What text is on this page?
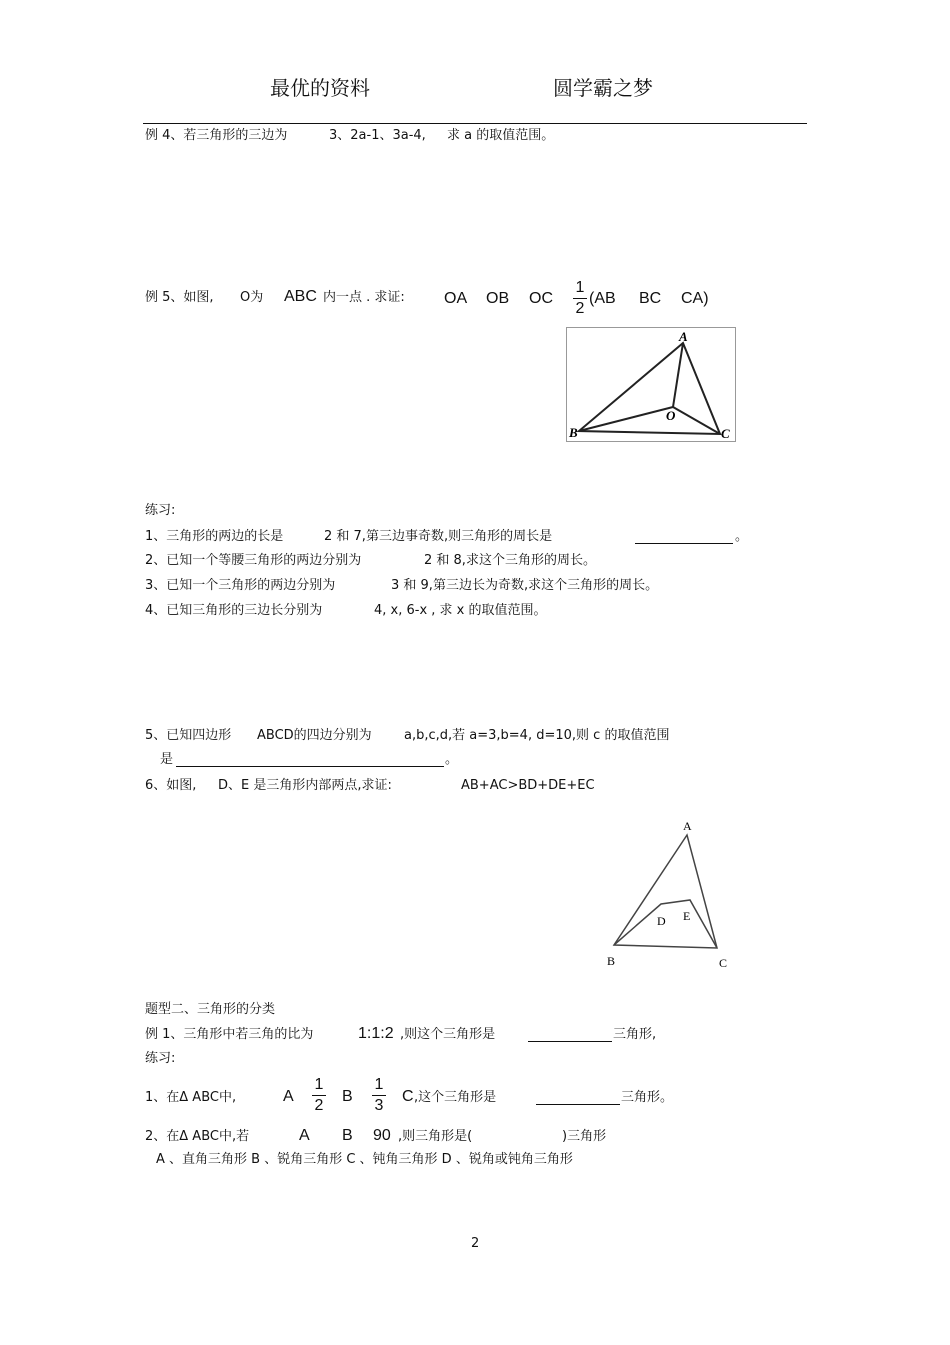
最优的资料	圆学霸之梦
例 4、若三角形的三边为	3、2a-1、3a-4, 求 a 的取值范围。
例 5、如图, O为 ABC 内一点 . 求证: OA OB OC
1
2
(AB BC CA)
A
B	C
O
练习:
1、三角形的两边的长是	2 和 7,第三边事奇数,则三角形的周长是	。
2、已知一个等腰三角形的两边分别为	2 和 8,求这个三角形的周长。
3、已知一个三角形的两边分别为	3 和 9,第三边长为奇数,求这个三角形的周长。
4、已知三角形的三边长分别为	4, x, 6-x , 求 x 的取值范围。
5、已知四边形 ABCD的四边分别为 a,b,c,d,若 a=3,b=4, d=10,则 c 的取值范围
是	。
6、如图, D、E 是三角形内部两点,求证:	AB+AC>BD+DE+EC
A
B	C
D E
题型二、三角形的分类
例 1、三角形中若三角的比为	1:1:2 ,则这个三角形是	三角形,
练习:
1、在Δ ABC中,	A
1
2
B
1
3
C ,这个三角形是	三角形。
2、在Δ ABC中,若	A B 90 ,则三角形是(	)三角形
A 、直角三角形 B 、锐角三角形 C 、钝角三角形 D 、锐角或钝角三角形
2
